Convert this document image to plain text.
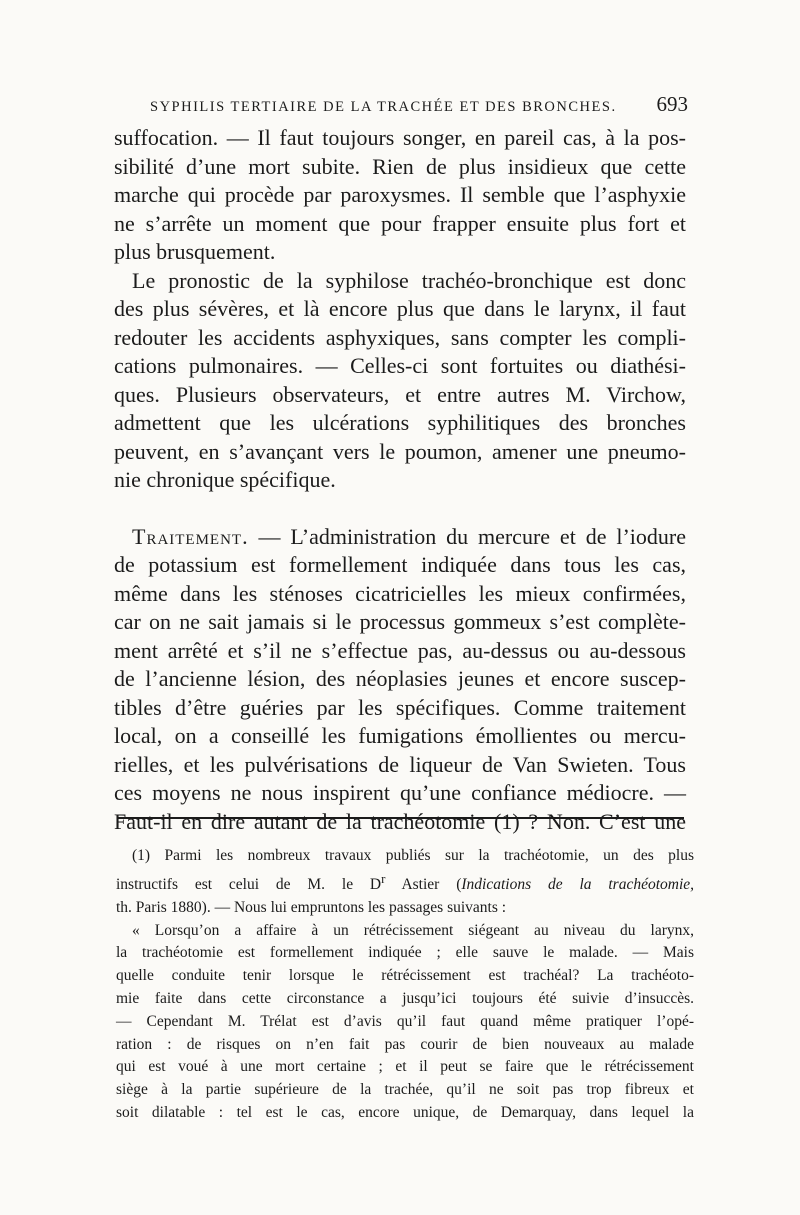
SYPHILIS TERTIAIRE DE LA TRACHÉE ET DES BRONCHES. 693
suffocation. — Il faut toujours songer, en pareil cas, à la pos-
sibilité d’une mort subite. Rien de plus insidieux que cette
marche qui procède par paroxysmes. Il semble que l’asphyxie
ne s’arrête un moment que pour frapper ensuite plus fort et
plus brusquement.
Le pronostic de la syphilose trachéo-bronchique est donc
des plus sévères, et là encore plus que dans le larynx, il faut
redouter les accidents asphyxiques, sans compter les compli-
cations pulmonaires. — Celles-ci sont fortuites ou diathési-
ques. Plusieurs observateurs, et entre autres M. Virchow,
admettent que les ulcérations syphilitiques des bronches
peuvent, en s’avançant vers le poumon, amener une pneumo-
nie chronique spécifique.
Traitement. — L’administration du mercure et de l’iodure
de potassium est formellement indiquée dans tous les cas,
même dans les sténoses cicatricielles les mieux confirmées,
car on ne sait jamais si le processus gommeux s’est complète-
ment arrêté et s’il ne s’effectue pas, au-dessus ou au-dessous
de l’ancienne lésion, des néoplasies jeunes et encore suscep-
tibles d’être guéries par les spécifiques. Comme traitement
local, on a conseillé les fumigations émollientes ou mercu-
rielles, et les pulvérisations de liqueur de Van Swieten. Tous
ces moyens ne nous inspirent qu’une confiance médiocre. —
Faut-il en dire autant de la trachéotomie (1) ? Non. C’est une
(1) Parmi les nombreux travaux publiés sur la trachéotomie, un des plus
instructifs est celui de M. le $D^r$ Astier (Indications de la trachéotomie,
th. Paris 1880). — Nous lui empruntons les passages suivants :
« Lorsqu’on a affaire à un rétrécissement siégeant au niveau du larynx,
la trachéotomie est formellement indiquée ; elle sauve le malade. — Mais
quelle conduite tenir lorsque le rétrécissement est trachéal? La trachéoto-
mie faite dans cette circonstance a jusqu’ici toujours été suivie d’insuccès.
— Cependant M. Trélat est d’avis qu’il faut quand même pratiquer l’opé-
ration : de risques on n’en fait pas courir de bien nouveaux au malade
qui est voué à une mort certaine ; et il peut se faire que le rétrécissement
siège à la partie supérieure de la trachée, qu’il ne soit pas trop fibreux et
soit dilatable : tel est le cas, encore unique, de Demarquay, dans lequel la
